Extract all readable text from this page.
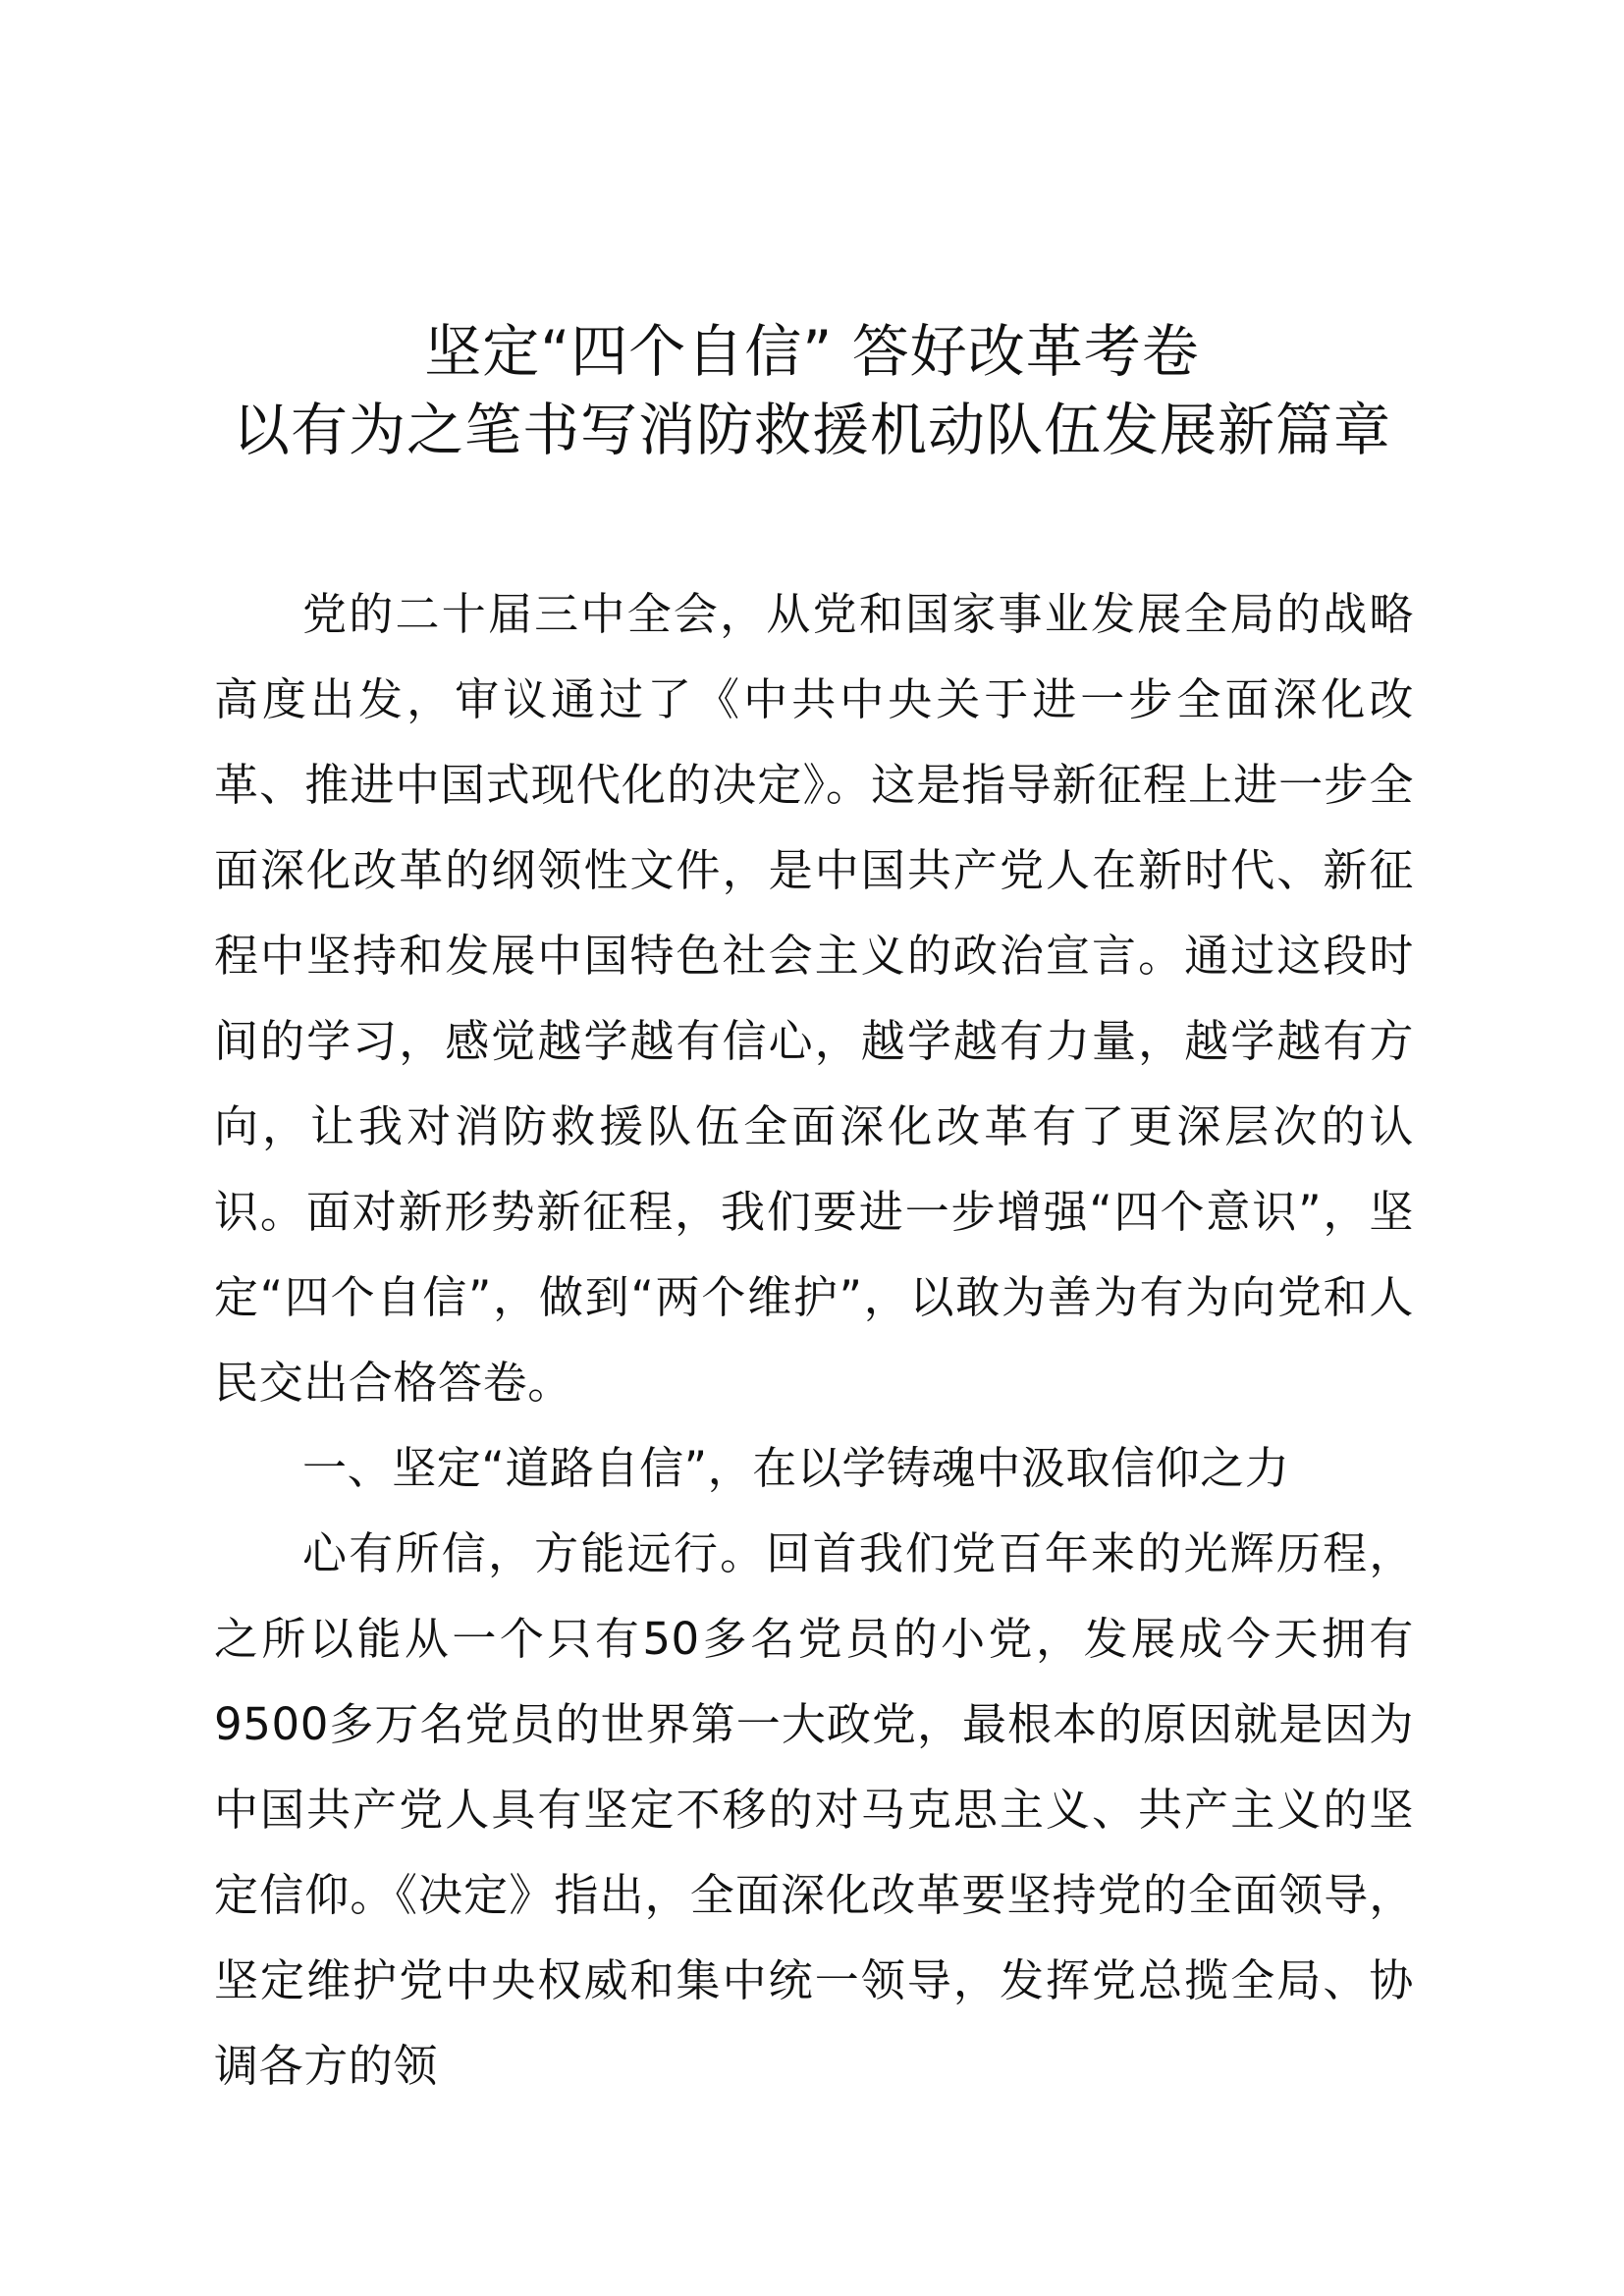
坚定“四个自信” 答好改革考卷
以有为之笔书写消防救援机动队伍发展新篇章

党的二十届三中全会，从党和国家事业发展全局的战略高度出发，审议通过了《中共中央关于进一步全面深化改革、推进中国式现代化的决定》。这是指导新征程上进一步全面深化改革的纲领性文件，是中国共产党人在新时代、新征程中坚持和发展中国特色社会主义的政治宣言。通过这段时间的学习，感觉越学越有信心，越学越有力量，越学越有方向，让我对消防救援队伍全面深化改革有了更深层次的认识。面对新形势新征程，我们要进一步增强“四个意识”，坚定“四个自信”，做到“两个维护”，以敢为善为有为向党和人民交出合格答卷。

一、坚定“道路自信”，在以学铸魂中汲取信仰之力

心有所信，方能远行。回首我们党百年来的光辉历程，之所以能从一个只有50多名党员的小党，发展成今天拥有9500多万名党员的世界第一大政党，最根本的原因就是因为中国共产党人具有坚定不移的对马克思主义、共产主义的坚定信仰。《决定》指出，全面深化改革要坚持党的全面领导，坚定维护党中央权威和集中统一领导，发挥党总揽全局、协调各方的领
